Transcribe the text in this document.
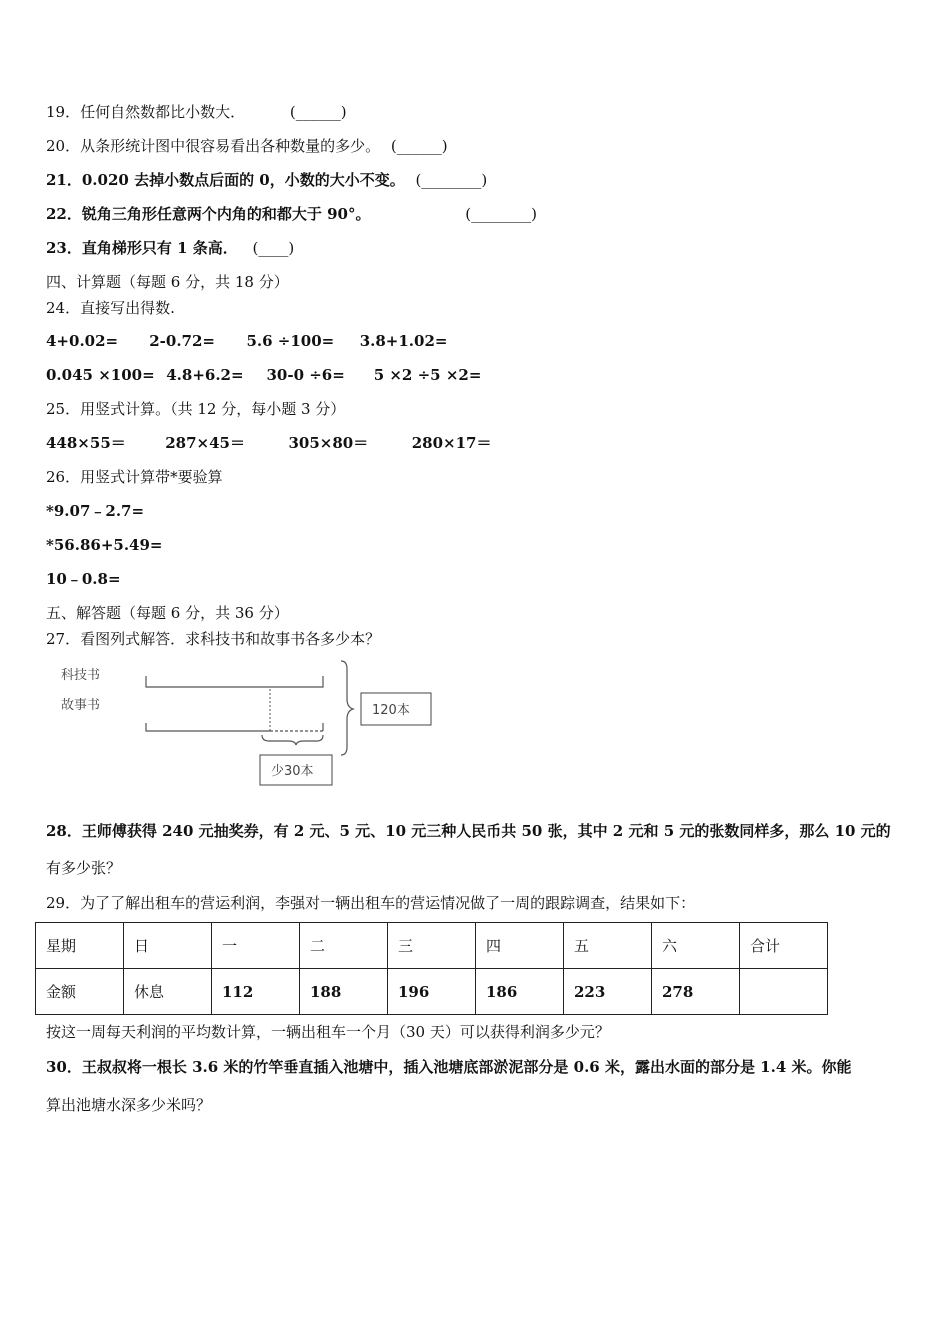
19．任何自然数都比小数大．	(______)
20．从条形统计图中很容易看出各种数量的多少。 (______)
21．0.020 去掉小数点后面的 0，小数的大小不变。 (________)
22．锐角三角形任意两个内角的和都大于 90°。	(________)
23．直角梯形只有 1 条高． (____)
四、计算题（每题 6 分，共 18 分）
24．直接写出得数.
4+0.02= 2-0.72= 5.6 ÷100= 3.8+1.02=
0.045 ×100= 4.8+6.2= 30-0 ÷6= 5 ×2 ÷5 ×2=
25．用竖式计算。（共 12 分，每小题 3 分）
448×55＝	287×45＝	305×80＝	280×17＝
26．用竖式计算带*要验算
*9.07﹣2.7=
*56.86+5.49=
10﹣0.8=
五、解答题（每题 6 分，共 36 分）
27．看图列式解答．求科技书和故事书各多少本？
科技书
故事书
少30本
120本
28．王师傅获得 240 元抽奖券，有 2 元、5 元、10 元三种人民币共 50 张，其中 2 元和 5 元的张数同样多，那么 10 元的
有多少张？
29．为了了解出租车的营运利润，李强对一辆出租车的营运情况做了一周的跟踪调查，结果如下：
星期	日	一	二	三	四	五	六	合计
金额	休息	112	188	196	186	223	278	
按这一周每天利润的平均数计算，一辆出租车一个月（30 天）可以获得利润多少元？
30．王叔叔将一根长 3.6 米的竹竿垂直插入池塘中，插入池塘底部淤泥部分是 0.6 米，露出水面的部分是 1.4 米。你能
算出池塘水深多少米吗？
